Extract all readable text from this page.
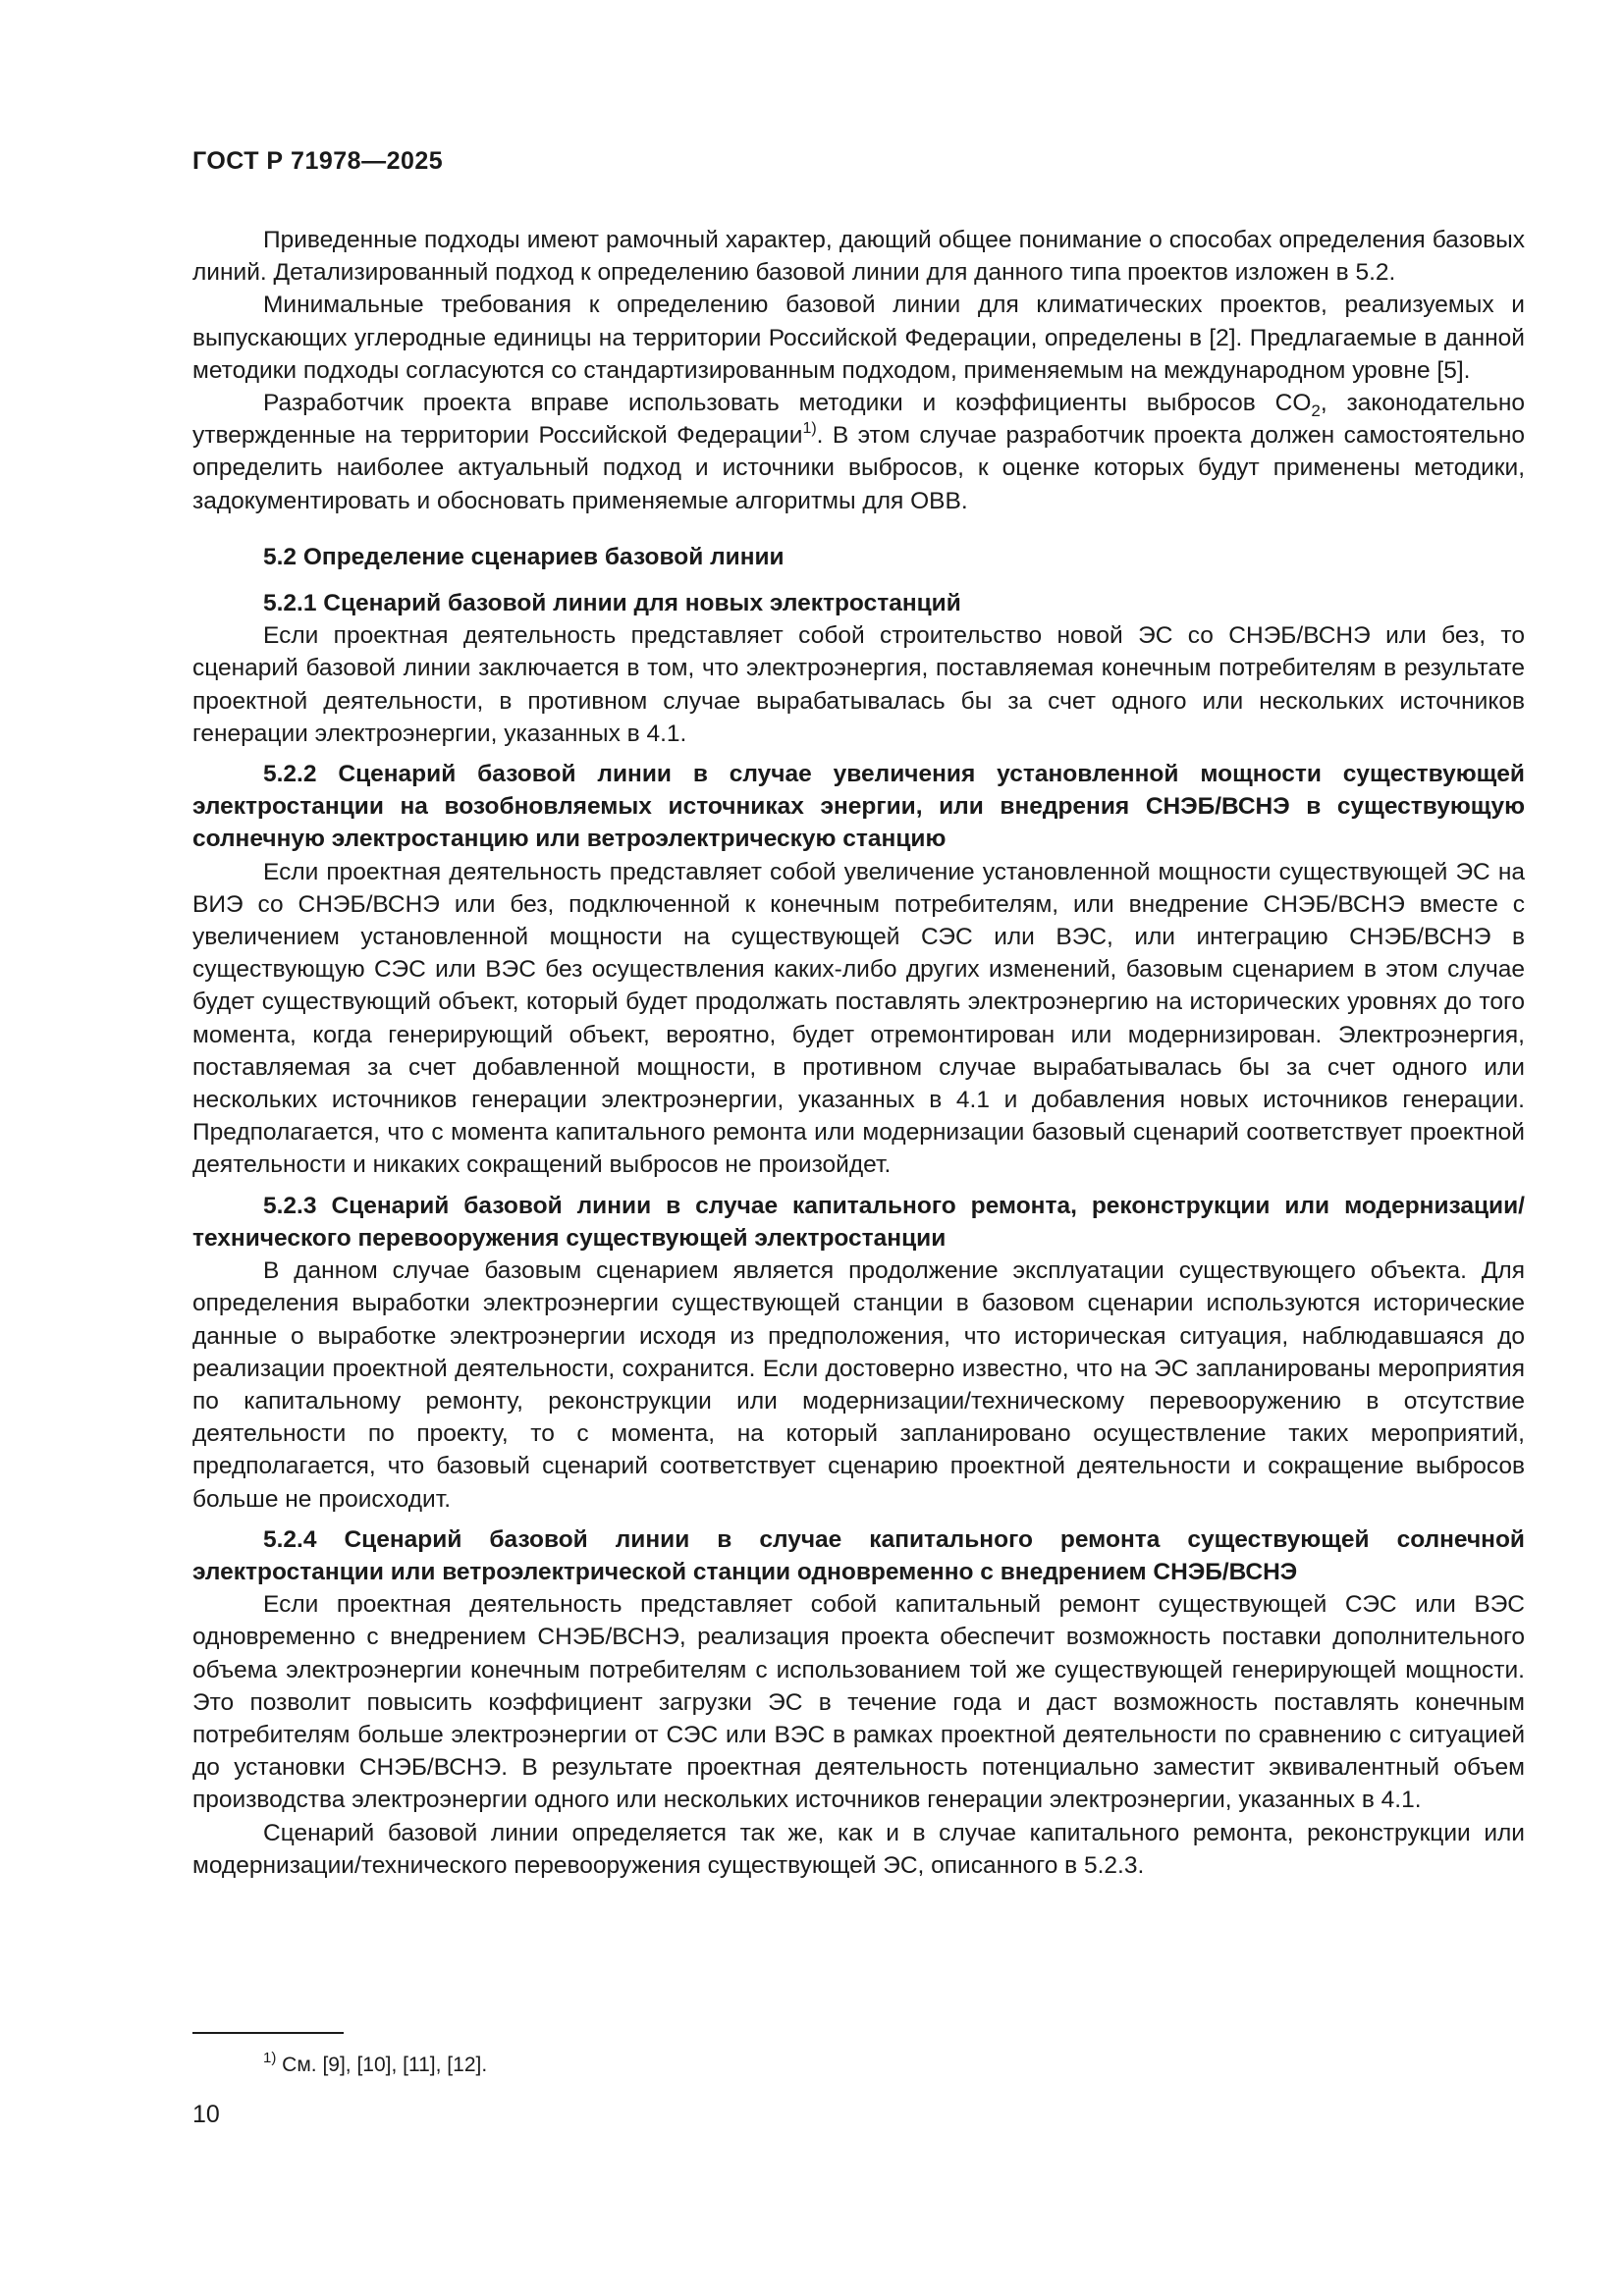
ГОСТ Р 71978—2025

Приведенные подходы имеют рамочный характер, дающий общее понимание о способах определения базовых линий. Детализированный подход к определению базовой линии для данного типа проектов изложен в 5.2.

Минимальные требования к определению базовой линии для климатических проектов, реализуемых и выпускающих углеродные единицы на территории Российской Федерации, определены в [2]. Предлагаемые в данной методики подходы согласуются со стандартизированным подходом, применяемым на международном уровне [5].

Разработчик проекта вправе использовать методики и коэффициенты выбросов $CO_2$, законодательно утвержденные на территории Российской Федерации$^{1)}$. В этом случае разработчик проекта должен самостоятельно определить наиболее актуальный подход и источники выбросов, к оценке которых будут применены методики, задокументировать и обосновать применяемые алгоритмы для ОВВ.

5.2 Определение сценариев базовой линии

5.2.1 Сценарий базовой линии для новых электростанций

Если проектная деятельность представляет собой строительство новой ЭС со СНЭБ/ВСНЭ или без, то сценарий базовой линии заключается в том, что электроэнергия, поставляемая конечным потребителям в результате проектной деятельности, в противном случае вырабатывалась бы за счет одного или нескольких источников генерации электроэнергии, указанных в 4.1.

5.2.2 Сценарий базовой линии в случае увеличения установленной мощности существующей электростанции на возобновляемых источниках энергии, или внедрения СНЭБ/ВСНЭ в существующую солнечную электростанцию или ветроэлектрическую станцию

Если проектная деятельность представляет собой увеличение установленной мощности существующей ЭС на ВИЭ со СНЭБ/ВСНЭ или без, подключенной к конечным потребителям, или внедрение СНЭБ/ВСНЭ вместе с увеличением установленной мощности на существующей СЭС или ВЭС, или интеграцию СНЭБ/ВСНЭ в существующую СЭС или ВЭС без осуществления каких-либо других изменений, базовым сценарием в этом случае будет существующий объект, который будет продолжать поставлять электроэнергию на исторических уровнях до того момента, когда генерирующий объект, вероятно, будет отремонтирован или модернизирован. Электроэнергия, поставляемая за счет добавленной мощности, в противном случае вырабатывалась бы за счет одного или нескольких источников генерации электроэнергии, указанных в 4.1 и добавления новых источников генерации. Предполагается, что с момента капитального ремонта или модернизации базовый сценарий соответствует проектной деятельности и никаких сокращений выбросов не произойдет.

5.2.3 Сценарий базовой линии в случае капитального ремонта, реконструкции или модернизации/технического перевооружения существующей электростанции

В данном случае базовым сценарием является продолжение эксплуатации существующего объекта. Для определения выработки электроэнергии существующей станции в базовом сценарии используются исторические данные о выработке электроэнергии исходя из предположения, что историческая ситуация, наблюдавшаяся до реализации проектной деятельности, сохранится. Если достоверно известно, что на ЭС запланированы мероприятия по капитальному ремонту, реконструкции или модернизации/техническому перевооружению в отсутствие деятельности по проекту, то с момента, на который запланировано осуществление таких мероприятий, предполагается, что базовый сценарий соответствует сценарию проектной деятельности и сокращение выбросов больше не происходит.

5.2.4 Сценарий базовой линии в случае капитального ремонта существующей солнечной электростанции или ветроэлектрической станции одновременно с внедрением СНЭБ/ВСНЭ

Если проектная деятельность представляет собой капитальный ремонт существующей СЭС или ВЭС одновременно с внедрением СНЭБ/ВСНЭ, реализация проекта обеспечит возможность поставки дополнительного объема электроэнергии конечным потребителям с использованием той же существующей генерирующей мощности. Это позволит повысить коэффициент загрузки ЭС в течение года и даст возможность поставлять конечным потребителям больше электроэнергии от СЭС или ВЭС в рамках проектной деятельности по сравнению с ситуацией до установки СНЭБ/ВСНЭ. В результате проектная деятельность потенциально заместит эквивалентный объем производства электроэнергии одного или нескольких источников генерации электроэнергии, указанных в 4.1.

Сценарий базовой линии определяется так же, как и в случае капитального ремонта, реконструкции или модернизации/технического перевооружения существующей ЭС, описанного в 5.2.3.

$^{1)}$ См. [9], [10], [11], [12].
10
